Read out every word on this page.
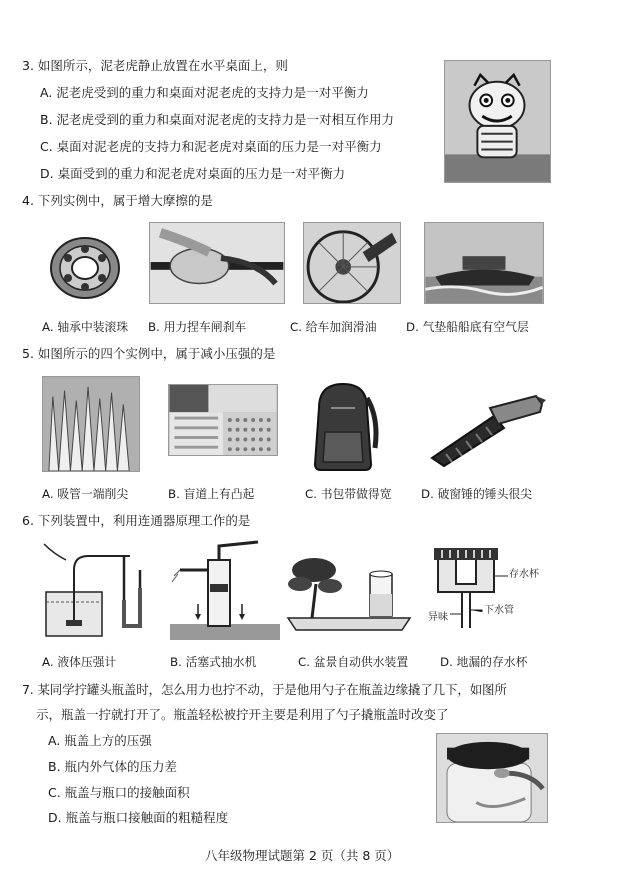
3. 如图所示，泥老虎静止放置在水平桌面上，则
A. 泥老虎受到的重力和桌面对泥老虎的支持力是一对平衡力
B. 泥老虎受到的重力和桌面对泥老虎的支持力是一对相互作用力
C. 桌面对泥老虎的支持力和泥老虎对桌面的压力是一对平衡力
D. 桌面受到的重力和泥老虎对桌面的压力是一对平衡力
4. 下列实例中，属于增大摩擦的是
A. 轴承中装滚珠 B. 用力捏车闸刹车	C. 给车加润滑油 D. 气垫船船底有空气层
5. 如图所示的四个实例中，属于减小压强的是
A. 吸管一端削尖	B. 盲道上有凸起	C. 书包带做得宽 D. 破窗锤的锤头很尖
6. 下列装置中，利用连通器原理工作的是
存水杯
下水管
异味
A. 液体压强计	B. 活塞式抽水机	C. 盆景自动供水装置	D. 地漏的存水杯
7. 某同学拧罐头瓶盖时，怎么用力也拧不动，于是他用勺子在瓶盖边缘撬了几下，如图所
示，瓶盖一拧就打开了。瓶盖轻松被拧开主要是利用了勺子撬瓶盖时改变了
A. 瓶盖上方的压强
B. 瓶内外气体的压力差
C. 瓶盖与瓶口的接触面积
D. 瓶盖与瓶口接触面的粗糙程度
八年级物理试题第 2 页（共 8 页）
